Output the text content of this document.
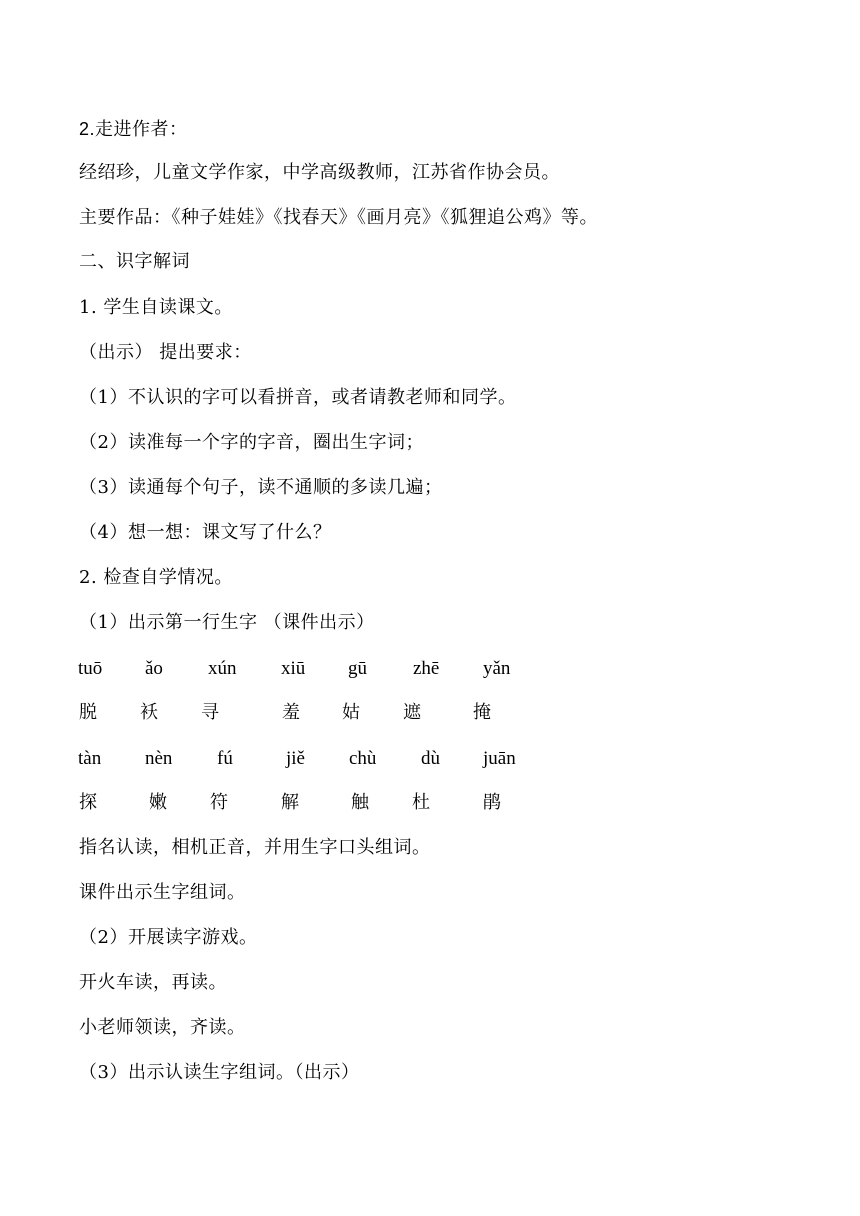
2.走进作者：
经绍珍，儿童文学作家，中学高级教师，江苏省作协会员。
主要作品：《种子娃娃》《找春天》《画月亮》《狐狸追公鸡》等。
二、识字解词
1. 学生自读课文。
（出示） 提出要求：
（1）不认识的字可以看拼音，或者请教老师和同学。
（2）读准每一个字的字音，圈出生字词；
（3）读通每个句子，读不通顺的多读几遍；
（4）想一想：课文写了什么？
2. 检查自学情况。
（1）出示第一行生字 （课件出示）
tuō ǎo xún xiū gū zhē yǎn
脱 袄 寻	羞 姑 遮	掩
tàn nèn fú	jiě chù dù juān
探	嫩 符	解	触 杜	鹃
指名认读，相机正音，并用生字口头组词。
课件出示生字组词。
（2）开展读字游戏。
开火车读，再读。
小老师领读，齐读。
（3）出示认读生字组词。（出示）
